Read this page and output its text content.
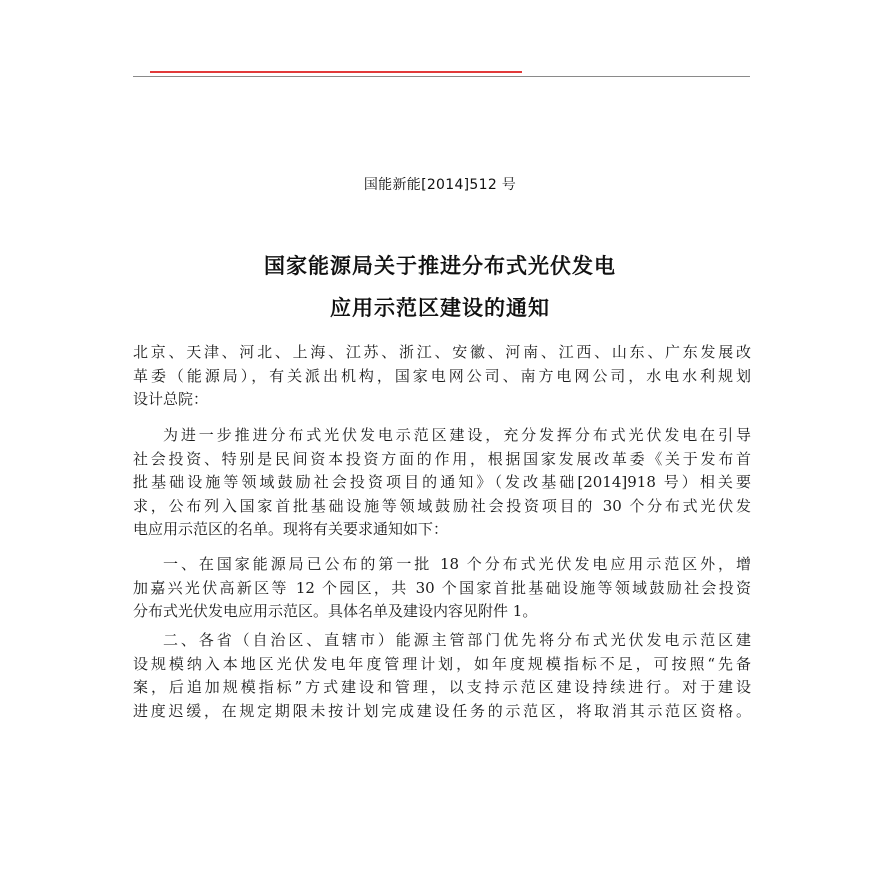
国能新能[2014]512 号
国家能源局关于推进分布式光伏发电
应用示范区建设的通知
北京、天津、河北、上海、江苏、浙江、安徽、河南、江西、山东、广东发展改
革委（能源局），有关派出机构，国家电网公司、南方电网公司，水电水利规划
设计总院：
为进一步推进分布式光伏发电示范区建设，充分发挥分布式光伏发电在引导
社会投资、特别是民间资本投资方面的作用，根据国家发展改革委《关于发布首
批基础设施等领域鼓励社会投资项目的通知》（发改基础[2014]918 号）相关要
求，公布列入国家首批基础设施等领域鼓励社会投资项目的 30 个分布式光伏发
电应用示范区的名单。现将有关要求通知如下：
一、在国家能源局已公布的第一批 18 个分布式光伏发电应用示范区外，增
加嘉兴光伏高新区等 12 个园区，共 30 个国家首批基础设施等领域鼓励社会投资
分布式光伏发电应用示范区。具体名单及建设内容见附件 1。
二、各省（自治区、直辖市）能源主管部门优先将分布式光伏发电示范区建
设规模纳入本地区光伏发电年度管理计划，如年度规模指标不足，可按照“先备
案，后追加规模指标”方式建设和管理，以支持示范区建设持续进行。对于建设
进度迟缓，在规定期限未按计划完成建设任务的示范区，将取消其示范区资格。
